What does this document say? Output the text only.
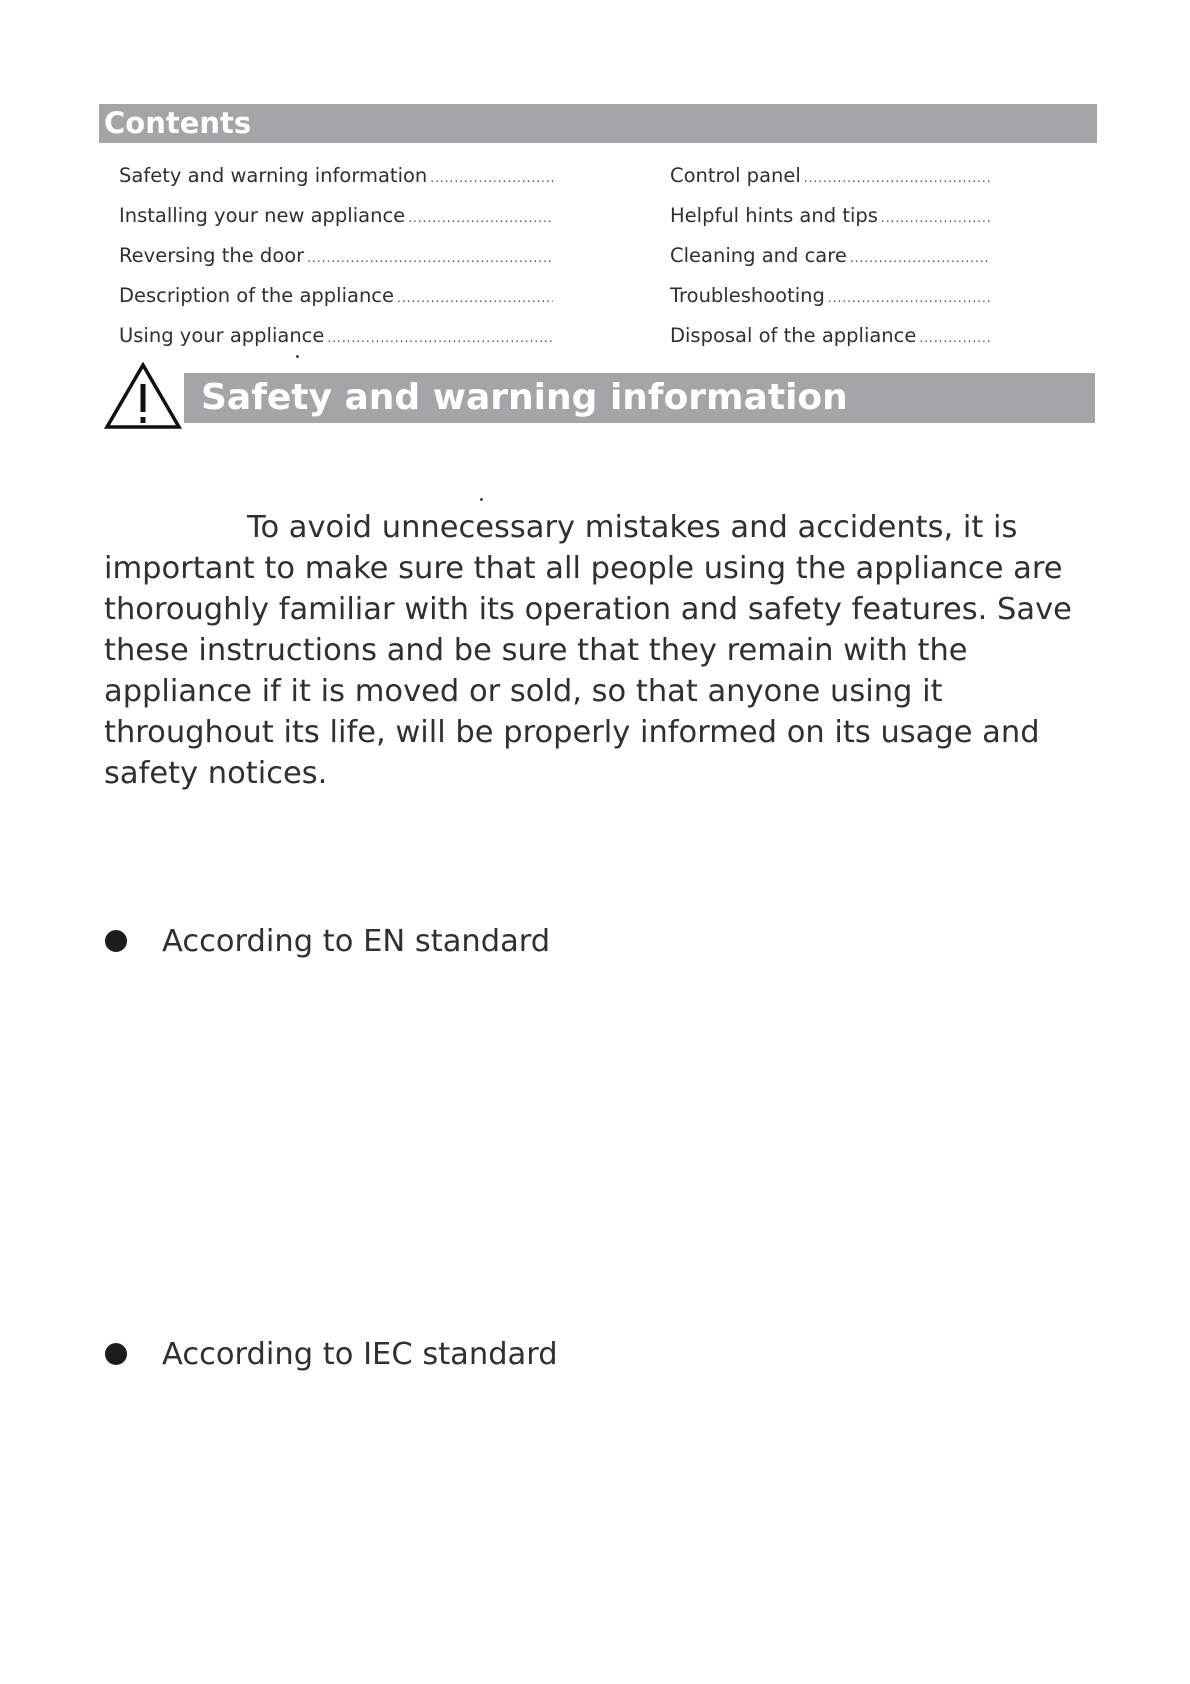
Contents
Safety and warning information
.....
Installing your new appliance
.....
Reversing the door
.....
Description of the appliance
.....
Using your appliance
.....
Control panel
.....
Helpful hints and tips
.....
Cleaning and care
.....
Troubleshooting
.....
Disposal of the appliance
.....
Safety and warning information

To avoid unnecessary mistakes and accidents, it is important to make sure that all people using the appliance are thoroughly familiar with its operation and safety features. Save these instructions and be sure that they remain with the appliance if it is moved or sold, so that anyone using it throughout its life, will be properly informed on its usage and safety notices.

According to EN standard
According to IEC standard
